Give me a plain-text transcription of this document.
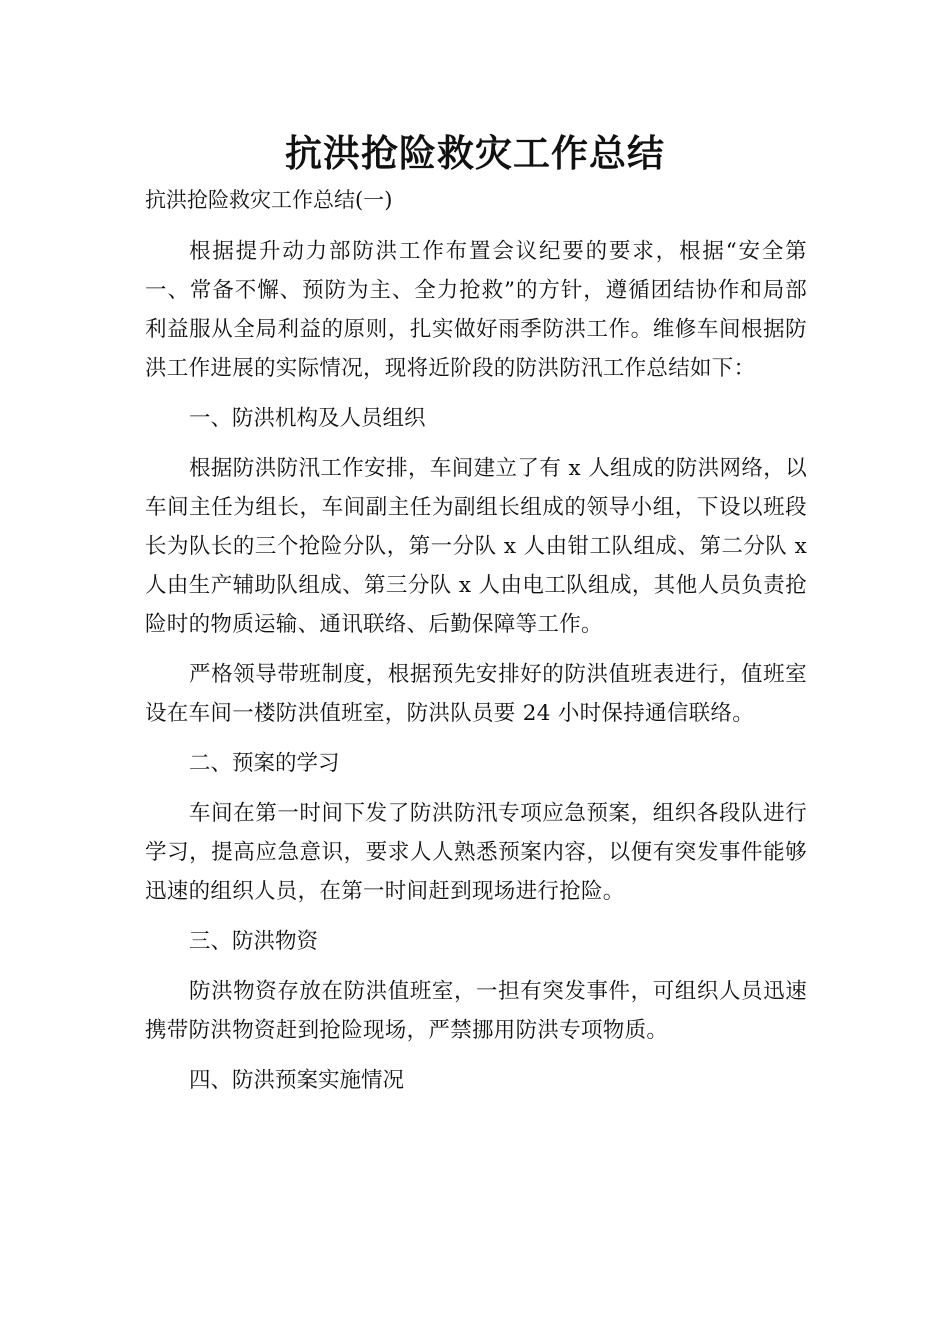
抗洪抢险救灾工作总结
抗洪抢险救灾工作总结(一)

根据提升动力部防洪工作布置会议纪要的要求，根据“安全第一、常备不懈、预防为主、全力抢救”的方针，遵循团结协作和局部利益服从全局利益的原则，扎实做好雨季防洪工作。维修车间根据防洪工作进展的实际情况，现将近阶段的防洪防汛工作总结如下：

一、防洪机构及人员组织

根据防洪防汛工作安排，车间建立了有 x 人组成的防洪网络，以车间主任为组长，车间副主任为副组长组成的领导小组，下设以班段长为队长的三个抢险分队，第一分队 x 人由钳工队组成、第二分队 x 人由生产辅助队组成、第三分队 x 人由电工队组成，其他人员负责抢险时的物质运输、通讯联络、后勤保障等工作。

严格领导带班制度，根据预先安排好的防洪值班表进行，值班室设在车间一楼防洪值班室，防洪队员要 24 小时保持通信联络。

二、预案的学习

车间在第一时间下发了防洪防汛专项应急预案，组织各段队进行学习，提高应急意识，要求人人熟悉预案内容，以便有突发事件能够迅速的组织人员，在第一时间赶到现场进行抢险。

三、防洪物资

防洪物资存放在防洪值班室，一担有突发事件，可组织人员迅速携带防洪物资赶到抢险现场，严禁挪用防洪专项物质。

四、防洪预案实施情况
